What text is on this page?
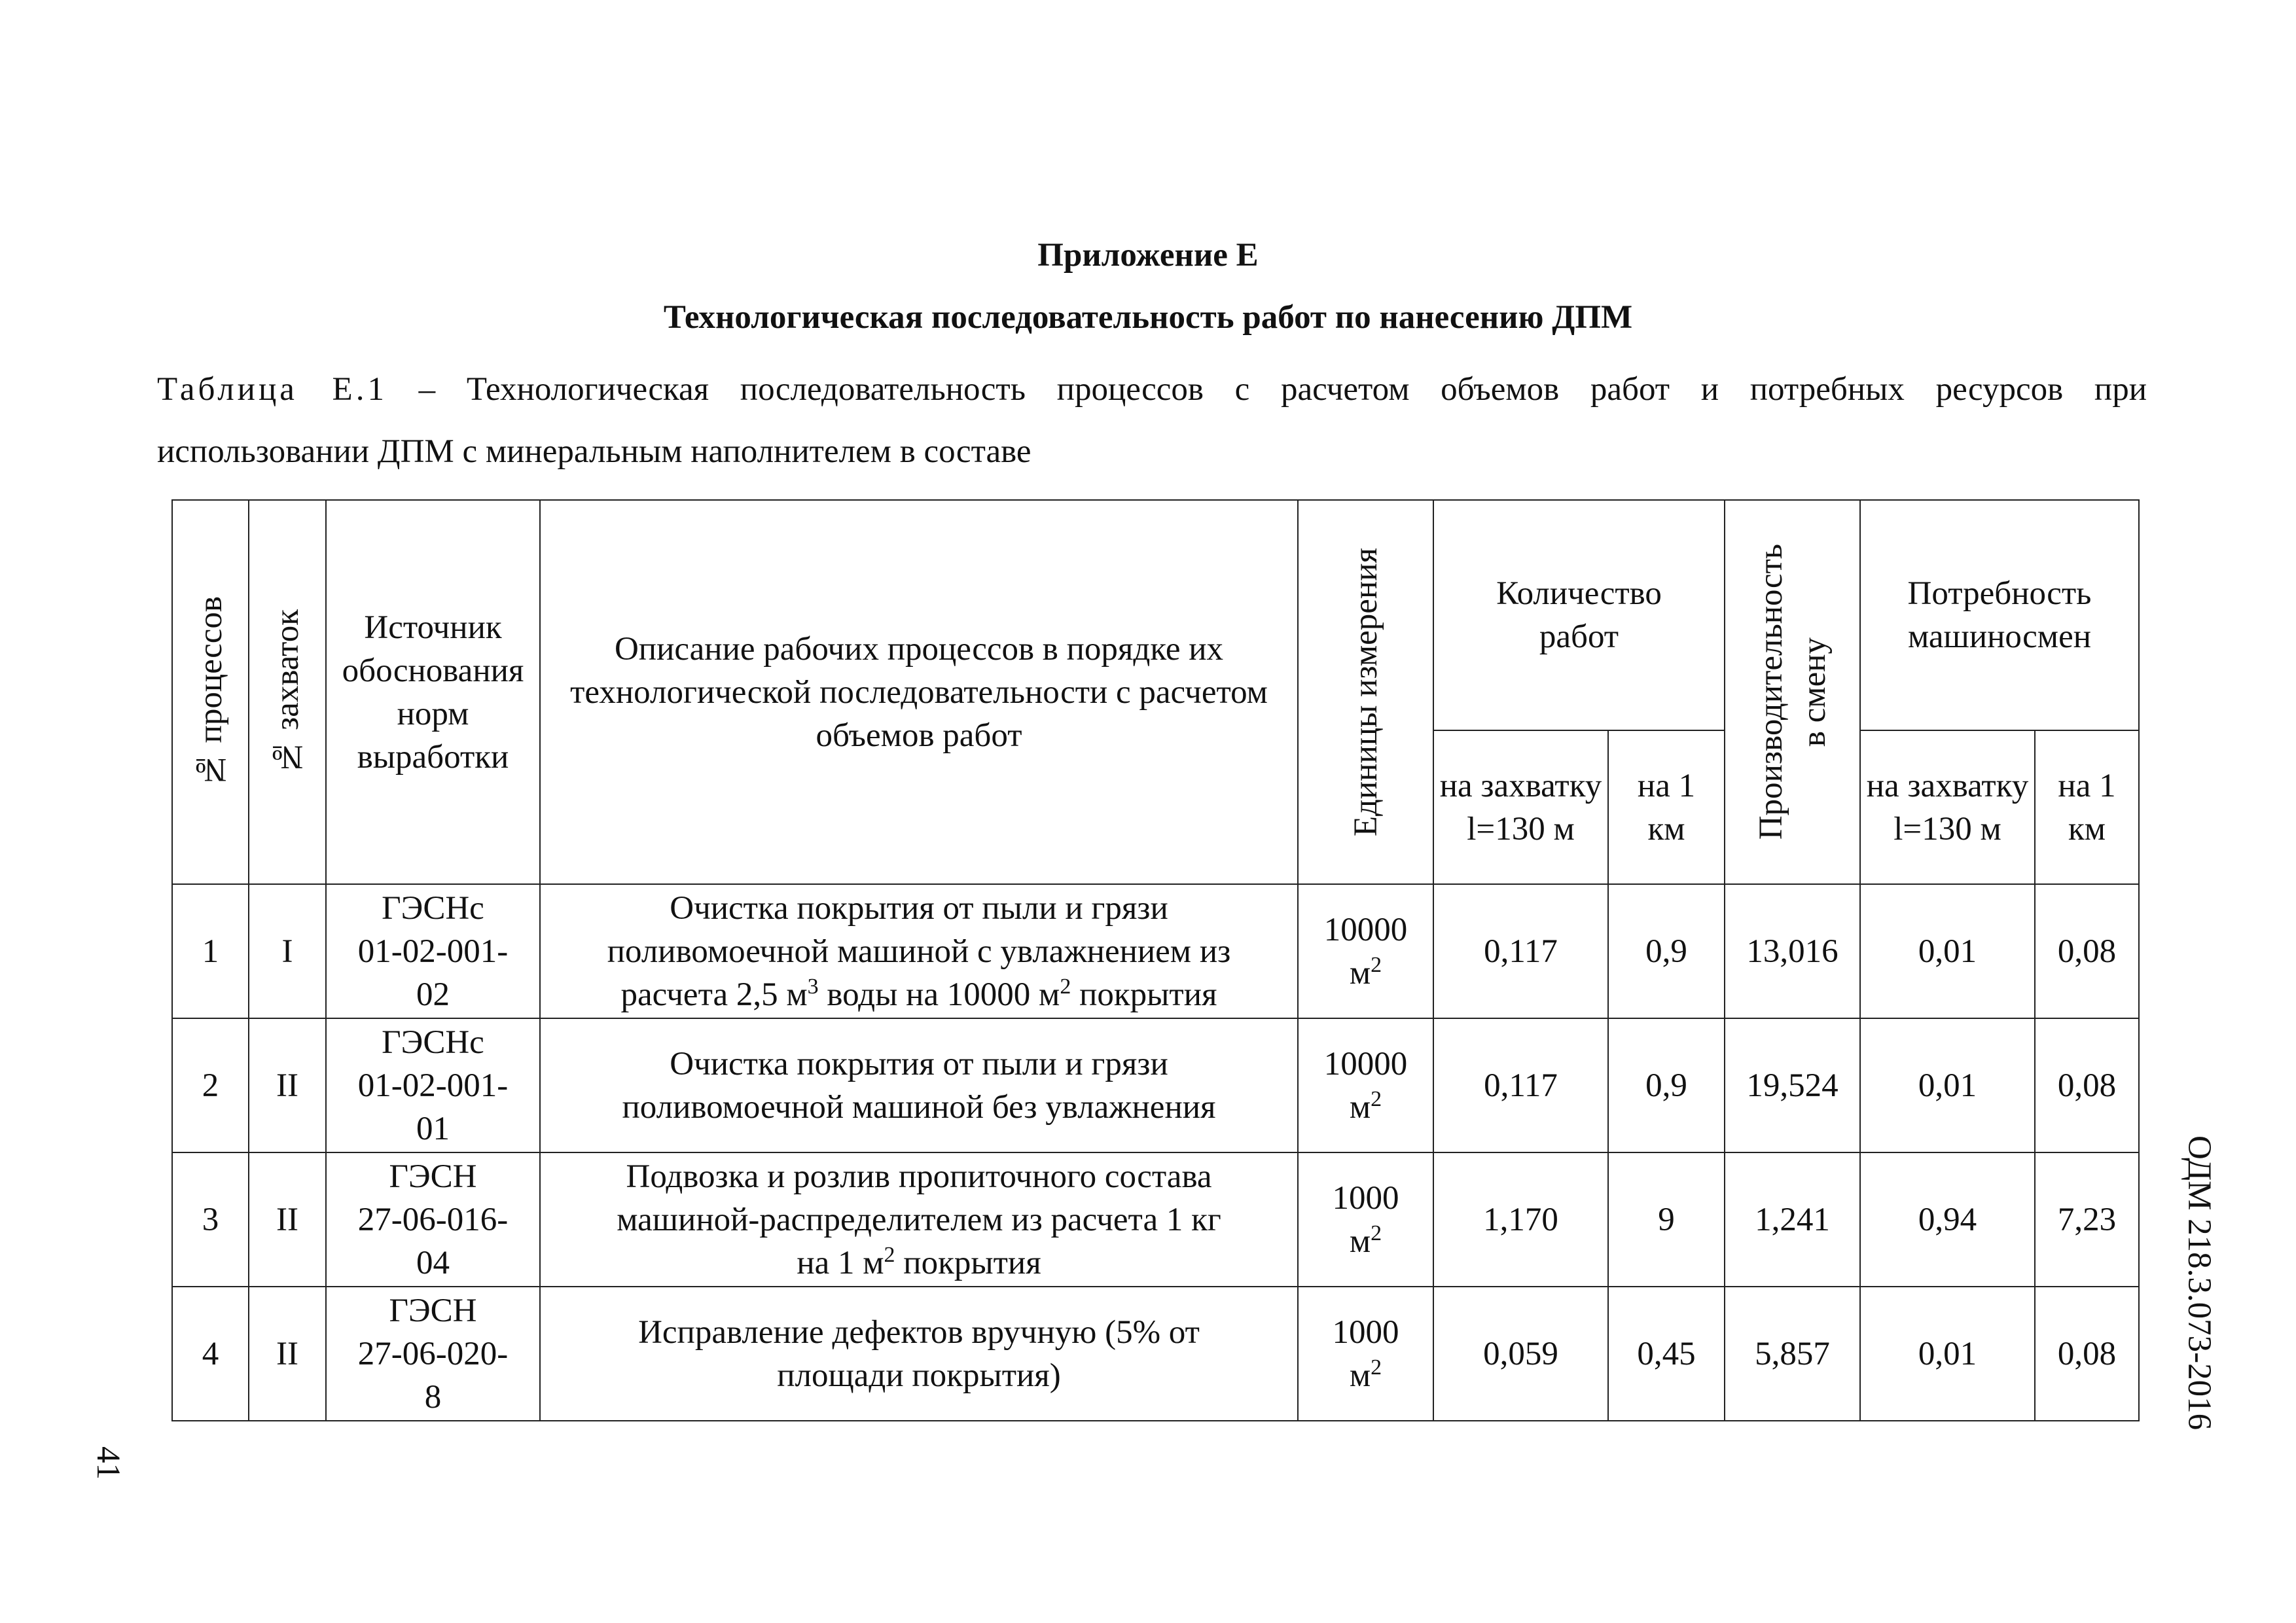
Приложение Е
Технологическая последовательность работ по нанесению ДПМ
Таблица Е.1 – Технологическая последовательность процессов с расчетом объемов работ и потребных ресурсов при
использовании ДПМ с минеральным наполнителем в составе
№ процессов	№ захваток	Источник обоснования норм выработки	Описание рабочих процессов в порядке их технологической последовательности с расчетом объемов работ	Единицы измерения	Количество работ		Производительность в смену	Потребность машиносмен	
					на захватку l=130 м	на 1 км		на захватку l=130 м	на 1 км
1	I	ГЭСНс
01-02-001-
02	Очистка покрытия от пыли и грязи
поливомоечной машиной с увлажнением из
расчета 2,5 $м^3$ воды на 10000 $м^2$ покрытия	10000
$м^2$	0,117	0,9	13,016	0,01	0,08
2	II	ГЭСНс
01-02-001-
01	Очистка покрытия от пыли и грязи
поливомоечной машиной без увлажнения	10000
$м^2$	0,117	0,9	19,524	0,01	0,08
3	II	ГЭСН
27-06-016-
04	Подвозка и розлив пропиточного состава
машиной-распределителем из расчета 1 кг
на 1 $м^2$ покрытия	1000
$м^2$	1,170	9	1,241	0,94	7,23
4	II	ГЭСН
27-06-020-
8	Исправление дефектов вручную (5% от
площади покрытия)	1000
$м^2$	0,059	0,45	5,857	0,01	0,08 ОДМ 218.3.073-2016
41
